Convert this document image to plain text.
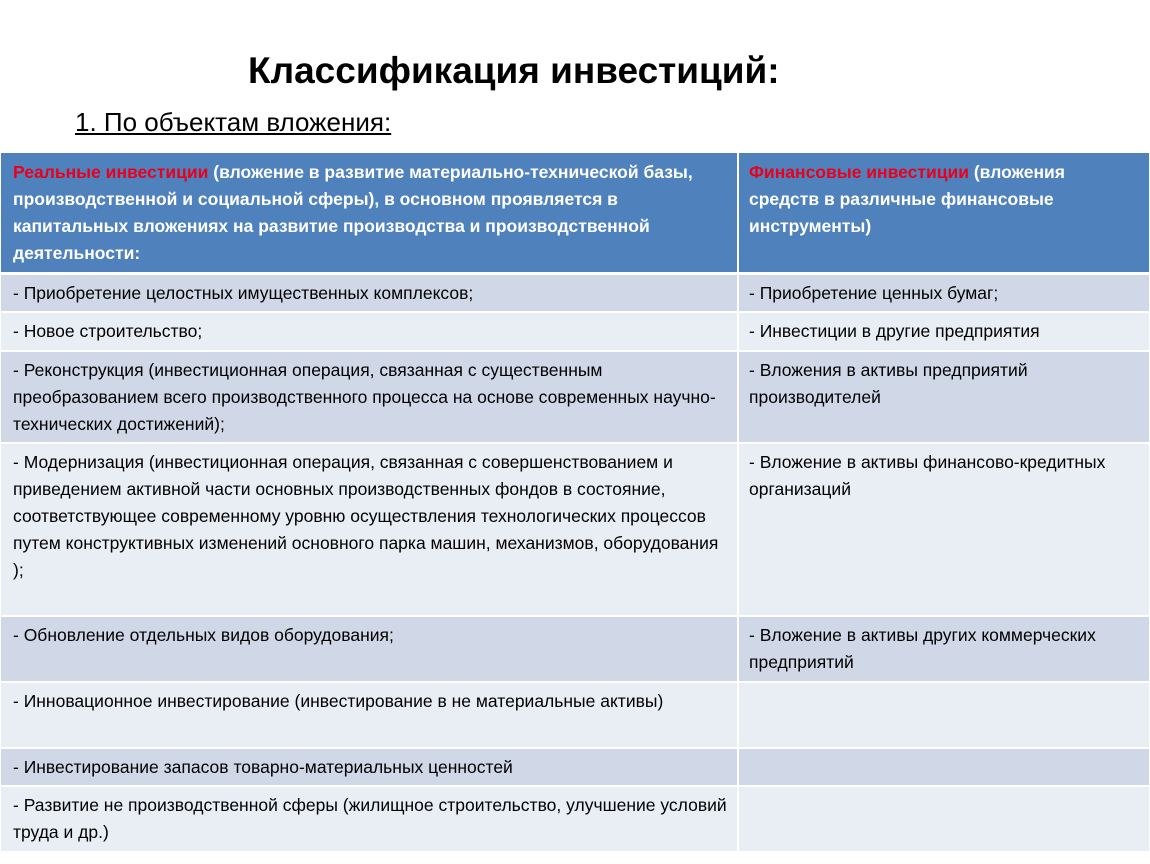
Классификация инвестиций:
1. По объектам вложения:
Реальные инвестиции (вложение в развитие материально-технической базы, производственной и социальной сферы), в основном проявляется в капитальных вложениях на развитие производства и производственной деятельности:	Финансовые инвестиции (вложения средств в различные финансовые инструменты)
- Приобретение целостных имущественных комплексов;	- Приобретение ценных бумаг;
- Новое строительство;	- Инвестиции в другие предприятия
- Реконструкция (инвестиционная операция, связанная с существенным преобразованием всего производственного процесса на основе современных научно-технических достижений);	- Вложения в активы предприятий производителей
- Модернизация (инвестиционная операция, связанная с совершенствованием и приведением активной части основных производственных фондов в состояние, соответствующее современному уровню осуществления технологических процессов путем конструктивных изменений основного парка машин, механизмов, оборудования );	- Вложение в активы финансово-кредитных организаций
- Обновление отдельных видов оборудования;	- Вложение в активы других коммерческих предприятий
- Инновационное инвестирование (инвестирование в не материальные активы)	
- Инвестирование запасов товарно-материальных ценностей	
- Развитие не производственной сферы (жилищное строительство, улучшение условий труда и др.)	
